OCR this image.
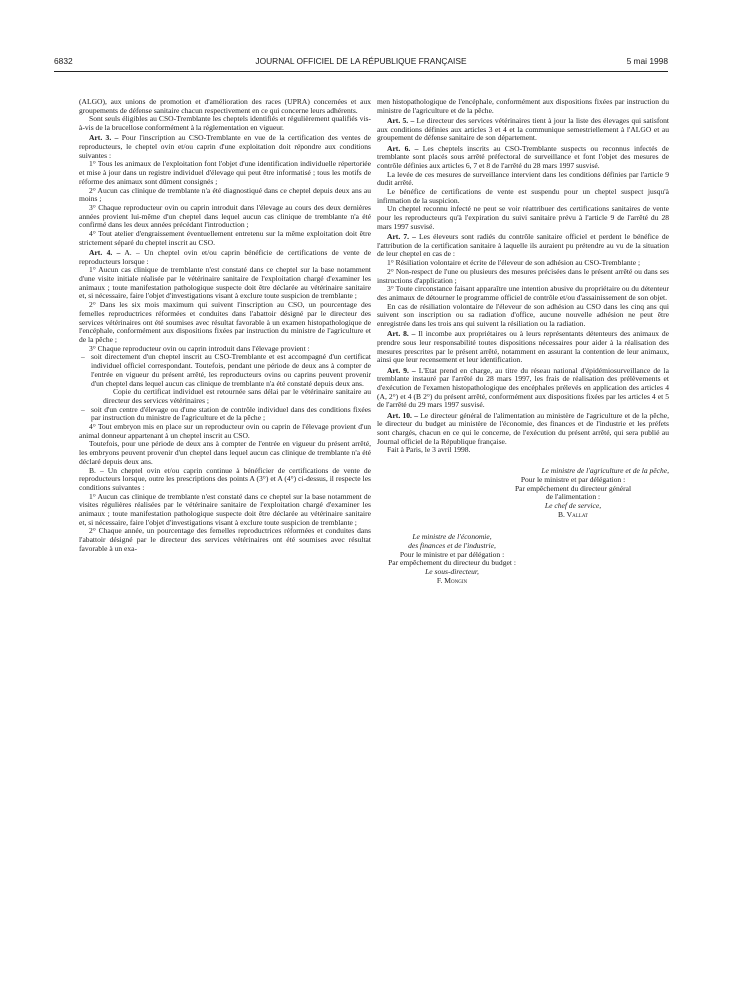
6832	JOURNAL OFFICIEL DE LA RÉPUBLIQUE FRANÇAISE	5 mai 1998

(ALGO), aux unions de promotion et d'amélioration des races (UPRA) concernées et aux groupements de défense sanitaire chacun respectivement en ce qui concerne leurs adhérents.

Sont seuls éligibles au CSO-Tremblante les cheptels identifiés et régulièrement qualifiés vis-à-vis de la brucellose conformément à la réglementation en vigueur.

Art. 3. – Pour l'inscription au CSO-Tremblante en vue de la certification des ventes de reproducteurs, le cheptel ovin et/ou caprin d'une exploitation doit répondre aux conditions suivantes :

1° Tous les animaux de l'exploitation font l'objet d'une identification individuelle répertoriée et mise à jour dans un registre individuel d'élevage qui peut être informatisé ; tous les motifs de réforme des animaux sont dûment consignés ;

2° Aucun cas clinique de tremblante n'a été diagnostiqué dans ce cheptel depuis deux ans au moins ;

3° Chaque reproducteur ovin ou caprin introduit dans l'élevage au cours des deux dernières années provient lui-même d'un cheptel dans lequel aucun cas clinique de tremblante n'a été confirmé dans les deux années précédant l'introduction ;

4° Tout atelier d'engraissement éventuellement entretenu sur la même exploitation doit être strictement séparé du cheptel inscrit au CSO.

Art. 4. – A. – Un cheptel ovin et/ou caprin bénéficie de certifications de vente de reproducteurs lorsque :

1° Aucun cas clinique de tremblante n'est constaté dans ce cheptel sur la base notamment d'une visite initiale réalisée par le vétérinaire sanitaire de l'exploitation chargé d'examiner les animaux ; toute manifestation pathologique suspecte doit être déclarée au vétérinaire sanitaire et, si nécessaire, faire l'objet d'investigations visant à exclure toute suspicion de tremblante ;

2° Dans les six mois maximum qui suivent l'inscription au CSO, un pourcentage des femelles reproductrices réformées et conduites dans l'abattoir désigné par le directeur des services vétérinaires ont été soumises avec résultat favorable à un examen histopathologique de l'encéphale, conformément aux dispositions fixées par instruction du ministre de l'agriculture et de la pêche ;

3° Chaque reproducteur ovin ou caprin introduit dans l'élevage provient :

– soit directement d'un cheptel inscrit au CSO-Tremblante et est accompagné d'un certificat individuel officiel correspondant. Toutefois, pendant une période de deux ans à compter de l'entrée en vigueur du présent arrêté, les reproducteurs ovins ou caprins peuvent provenir d'un cheptel dans lequel aucun cas clinique de tremblante n'a été constaté depuis deux ans.

Copie du certificat individuel est retournée sans délai par le vétérinaire sanitaire au directeur des services vétérinaires ;

– soit d'un centre d'élevage ou d'une station de contrôle individuel dans des conditions fixées par instruction du ministre de l'agriculture et de la pêche ;

4° Tout embryon mis en place sur un reproducteur ovin ou caprin de l'élevage provient d'un animal donneur appartenant à un cheptel inscrit au CSO.

Toutefois, pour une période de deux ans à compter de l'entrée en vigueur du présent arrêté, les embryons peuvent provenir d'un cheptel dans lequel aucun cas clinique de tremblante n'a été déclaré depuis deux ans.

B. – Un cheptel ovin et/ou caprin continue à bénéficier de certifications de vente de reproducteurs lorsque, outre les prescriptions des points A (3°) et A (4°) ci-dessus, il respecte les conditions suivantes :

1° Aucun cas clinique de tremblante n'est constaté dans ce cheptel sur la base notamment de visites régulières réalisées par le vétérinaire sanitaire de l'exploitation chargé d'examiner les animaux ; toute manifestation pathologique suspecte doit être déclarée au vétérinaire sanitaire et, si nécessaire, faire l'objet d'investigations visant à exclure toute suspicion de tremblante ;

2° Chaque année, un pourcentage des femelles reproductrices réformées et conduites dans l'abattoir désigné par le directeur des services vétérinaires ont été soumises avec résultat favorable à un exa-

men histopathologique de l'encéphale, conformément aux dispositions fixées par instruction du ministre de l'agriculture et de la pêche.

Art. 5. – Le directeur des services vétérinaires tient à jour la liste des élevages qui satisfont aux conditions définies aux articles 3 et 4 et la communique semestriellement à l'ALGO et au groupement de défense sanitaire de son département.

Art. 6. – Les cheptels inscrits au CSO-Tremblante suspects ou reconnus infectés de tremblante sont placés sous arrêté préfectoral de surveillance et font l'objet des mesures de contrôle définies aux articles 6, 7 et 8 de l'arrêté du 28 mars 1997 susvisé.

La levée de ces mesures de surveillance intervient dans les conditions définies par l'article 9 dudit arrêté.

Le bénéfice de certifications de vente est suspendu pour un cheptel suspect jusqu'à infirmation de la suspicion.

Un cheptel reconnu infecté ne peut se voir réattribuer des certifications sanitaires de vente pour les reproducteurs qu'à l'expiration du suivi sanitaire prévu à l'article 9 de l'arrêté du 28 mars 1997 susvisé.

Art. 7. – Les éleveurs sont radiés du contrôle sanitaire officiel et perdent le bénéfice de l'attribution de la certification sanitaire à laquelle ils auraient pu prétendre au vu de la situation de leur cheptel en cas de :

1° Résiliation volontaire et écrite de l'éleveur de son adhésion au CSO-Tremblante ;

2° Non-respect de l'une ou plusieurs des mesures précisées dans le présent arrêté ou dans ses instructions d'application ;

3° Toute circonstance faisant apparaître une intention abusive du propriétaire ou du détenteur des animaux de détourner le programme officiel de contrôle et/ou d'assainissement de son objet.

En cas de résiliation volontaire de l'éleveur de son adhésion au CSO dans les cinq ans qui suivent son inscription ou sa radiation d'office, aucune nouvelle adhésion ne peut être enregistrée dans les trois ans qui suivent la résiliation ou la radiation.

Art. 8. – Il incombe aux propriétaires ou à leurs représentants détenteurs des animaux de prendre sous leur responsabilité toutes dispositions nécessaires pour aider à la réalisation des mesures prescrites par le présent arrêté, notamment en assurant la contention de leur animaux, ainsi que leur recensement et leur identification.

Art. 9. – L'Etat prend en charge, au titre du réseau national d'épidémiosurveillance de la tremblante instauré par l'arrêté du 28 mars 1997, les frais de réalisation des prélèvements et d'exécution de l'examen histopathologique des encéphales prélevés en application des articles 4 (A, 2°) et 4 (B 2°) du présent arrêté, conformément aux dispositions fixées par les articles 4 et 5 de l'arrêté du 29 mars 1997 susvisé.

Art. 10. – Le directeur général de l'alimentation au ministère de l'agriculture et de la pêche, le directeur du budget au ministère de l'économie, des finances et de l'industrie et les préfets sont chargés, chacun en ce qui le concerne, de l'exécution du présent arrêté, qui sera publié au Journal officiel de la République française.

Fait à Paris, le 3 avril 1998.

Le ministre de l'agriculture et de la pêche,

Pour le ministre et par délégation :

Par empêchement du directeur général

de l'alimentation :

Le chef de service,

B. Vallat

Le ministre de l'économie,

des finances et de l'industrie,

Pour le ministre et par délégation :

Par empêchement du directeur du budget :

Le sous-directeur,

F. Mongin
